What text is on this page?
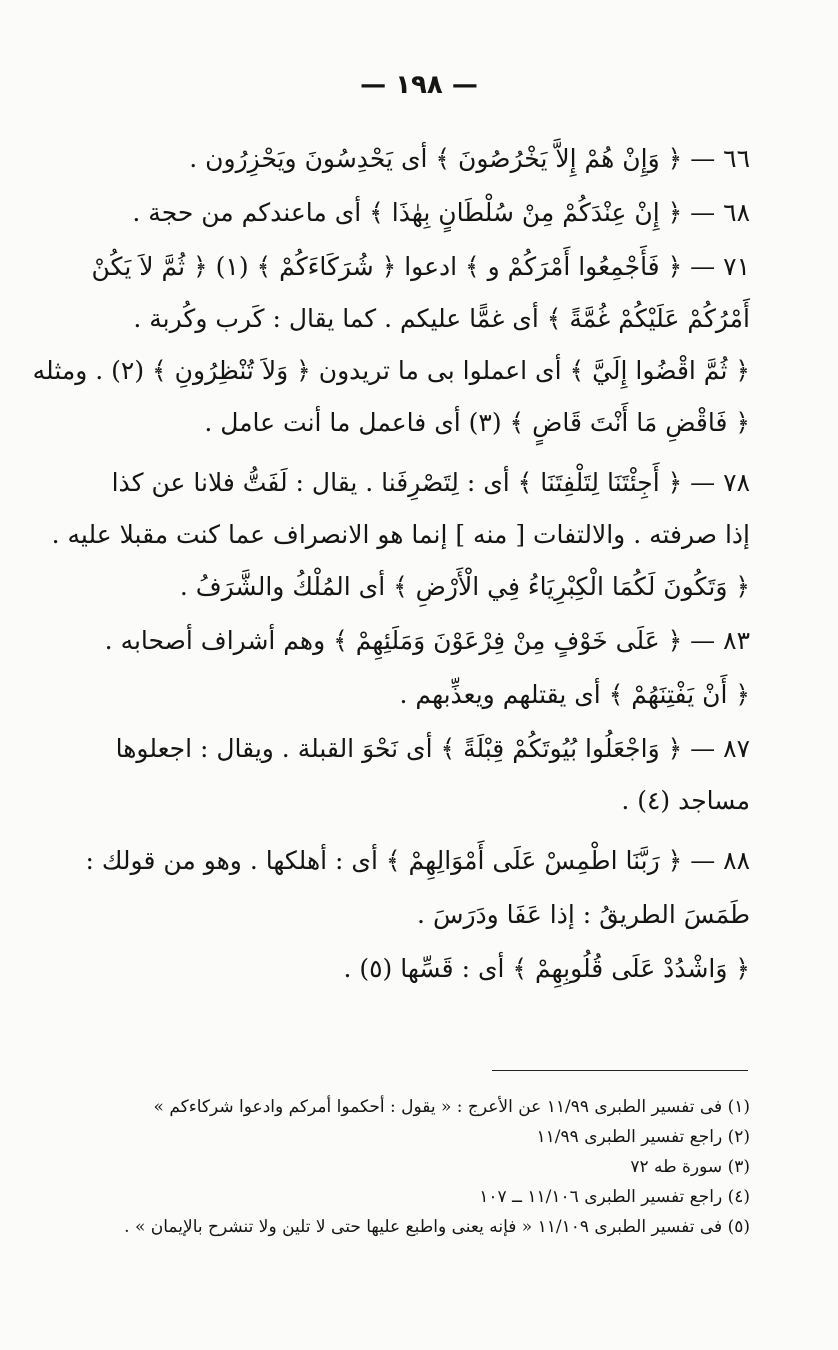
— ١٩٨ —
٦٦ — ﴿ وَإِنْ هُمْ إِلاَّ يَخْرُصُونَ ﴾ أى يَحْدِسُونَ ويَحْزِرُون .
٦٨ — ﴿ إِنْ عِنْدَكُمْ مِنْ سُلْطَانٍ بِهٰذَا ﴾ أى ماعندكم من حجة .
٧١ — ﴿ فَأَجْمِعُوا أَمْرَكُمْ و ﴾ ادعوا ﴿ شُرَكَاءَكُمْ ﴾ (١) ﴿ ثُمَّ لاَ يَكُنْ
أَمْرُكُمْ عَلَيْكُمْ غُمَّةً ﴾ أى غمًّا عليكم . كما يقال : كَرب وكُربة .
﴿ ثُمَّ اقْضُوا إِلَيَّ ﴾ أى اعملوا بى ما تريدون ﴿ وَلاَ تُنْظِرُونِ ﴾ (٢) . ومثله
﴿ فَاقْضِ مَا أَنْتَ قَاضٍ ﴾ (٣) أى فاعمل ما أنت عامل .
٧٨ — ﴿ أَجِئْتَنَا لِتَلْفِتَنَا ﴾ أى : لِتَصْرِفَنا . يقال : لَفَتُّ فلانا عن كذا
إذا صرفته . والالتفات [ منه ] إنما هو الانصراف عما كنت مقبلا عليه .
﴿ وَتَكُونَ لَكُمَا الْكِبْرِيَاءُ فِي الْأَرْضِ ﴾ أى المُلْكُ والشَّرَفُ .
٨٣ — ﴿ عَلَى خَوْفٍ مِنْ فِرْعَوْنَ وَمَلَئِهِمْ ﴾ وهم أشراف أصحابه .
﴿ أَنْ يَفْتِنَهُمْ ﴾ أى يقتلهم ويعذِّبهم .
٨٧ — ﴿ وَاجْعَلُوا بُيُوتَكُمْ قِبْلَةً ﴾ أى نَحْوَ القبلة . ويقال : اجعلوها
مساجد (٤) .
٨٨ — ﴿ رَبَّنَا اطْمِسْ عَلَى أَمْوَالِهِمْ ﴾ أى : أهلكها . وهو من قولك :
طَمَسَ الطريقُ : إذا عَفَا ودَرَسَ .
﴿ وَاشْدُدْ عَلَى قُلُوبِهِمْ ﴾ أى : قَسِّها (٥) .
(١) فى تفسير الطبرى ١١/٩٩ عن الأعرج : « يقول : أحكموا أمركم وادعوا شركاءكم »
(٢) راجع تفسير الطبرى ١١/٩٩
(٣) سورة طه ٧٢
(٤) راجع تفسير الطبرى ١١/١٠٦ ــ ١٠٧
(٥) فى تفسير الطبرى ١١/١٠٩ « فإنه يعنى واطبع عليها حتى لا تلين ولا تنشرح بالإيمان » .
